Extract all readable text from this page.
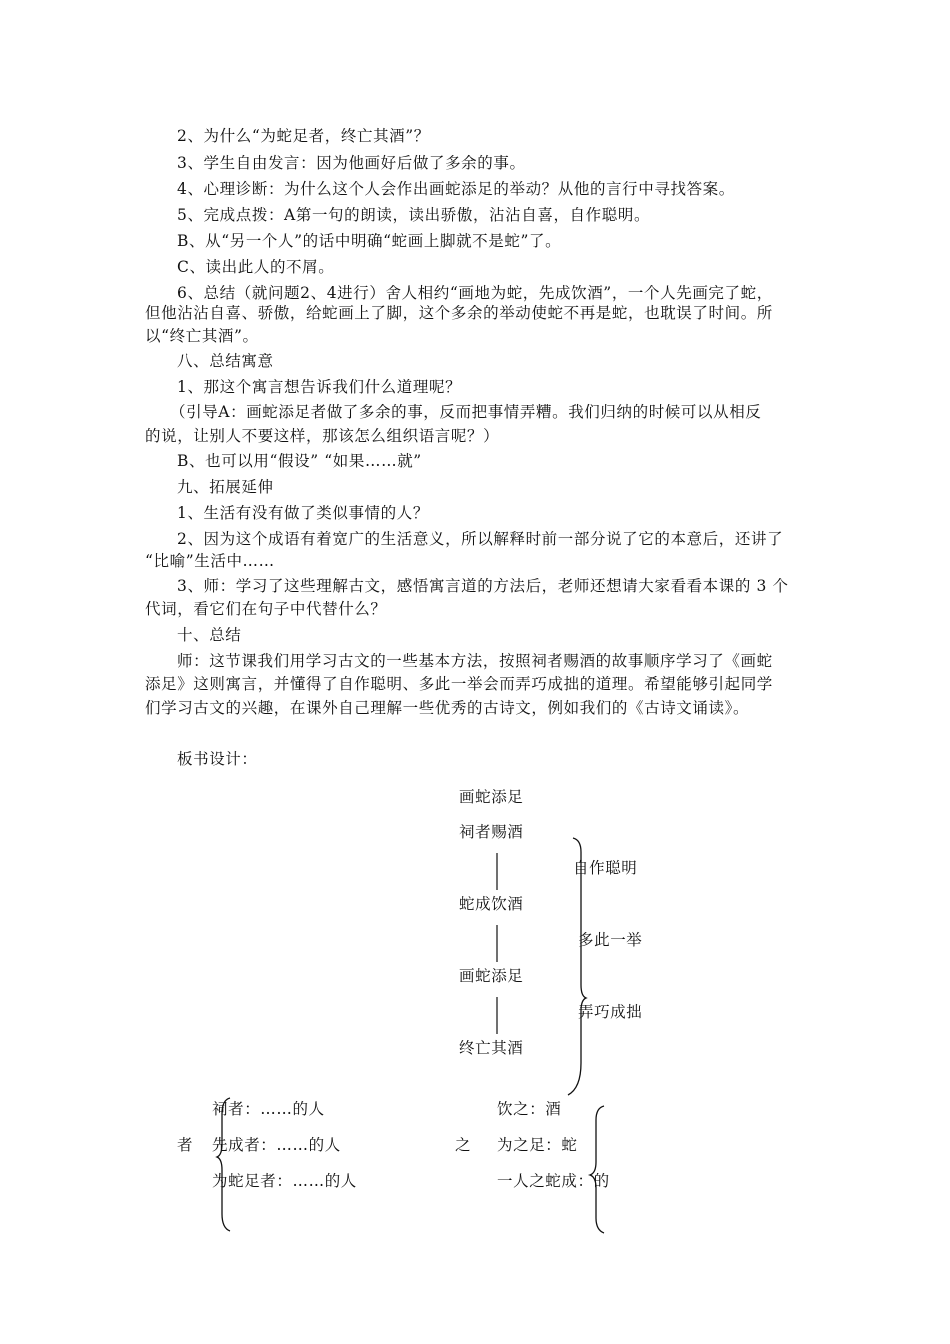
2、为什么“为蛇足者，终亡其酒”？
3、学生自由发言：因为他画好后做了多余的事。
4、心理诊断：为什么这个人会作出画蛇添足的举动？从他的言行中寻找答案。
5、完成点拨：A第一句的朗读，读出骄傲，沾沾自喜，自作聪明。
B、从“另一个人”的话中明确“蛇画上脚就不是蛇”了。
C、读出此人的不屑。
6、总结（就问题2、4进行）舍人相约“画地为蛇，先成饮酒”，一个人先画完了蛇，
但他沾沾自喜、骄傲，给蛇画上了脚，这个多余的举动使蛇不再是蛇，也耽误了时间。所
以“终亡其酒”。
八、总结寓意
1、那这个寓言想告诉我们什么道理呢？
（引导A：画蛇添足者做了多余的事，反而把事情弄糟。我们归纳的时候可以从相反
的说，让别人不要这样，那该怎么组织语言呢？）
B、也可以用“假设” “如果……就”
九、拓展延伸
1、生活有没有做了类似事情的人？
2、因为这个成语有着宽广的生活意义，所以解释时前一部分说了它的本意后，还讲了
“比喻”生活中……
3、师：学习了这些理解古文，感悟寓言道的方法后，老师还想请大家看看本课的 3 个
代词，看它们在句子中代替什么？
十、总结
师：这节课我们用学习古文的一些基本方法，按照祠者赐酒的故事顺序学习了《画蛇
添足》这则寓言，并懂得了自作聪明、多此一举会而弄巧成拙的道理。希望能够引起同学
们学习古文的兴趣，在课外自己理解一些优秀的古诗文，例如我们的《古诗文诵读》。
板书设计：
画蛇添足
祠者赐酒
蛇成饮酒
画蛇添足
终亡其酒
自作聪明
多此一举
弄巧成拙
者
祠者：……的人
先成者：……的人
为蛇足者：……的人
之
饮之：酒
为之足：蛇
一人之蛇成：的
